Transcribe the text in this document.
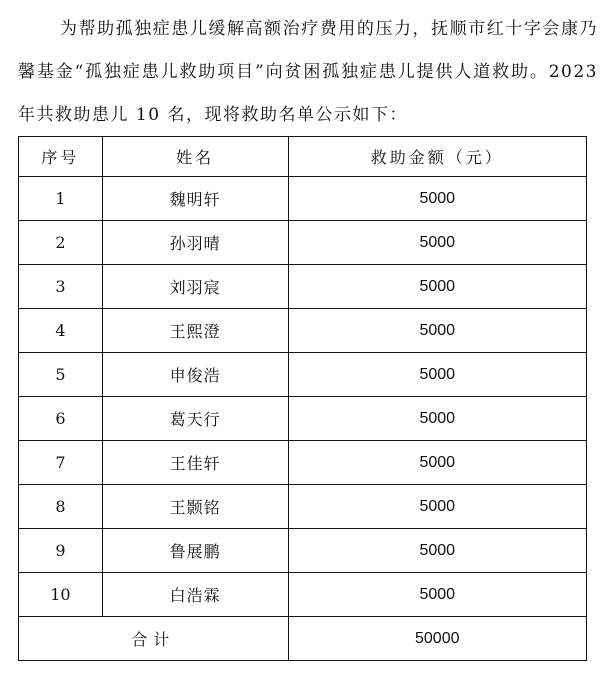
为帮助孤独症患儿缓解高额治疗费用的压力，抚顺市红十字会康乃馨基金“孤独症患儿救助项目”向贫困孤独症患儿提供人道救助。2023 年共救助患儿 10 名，现将救助名单公示如下：

序号	姓名	救助金额（元）
1	魏明轩	5000
2	孙羽晴	5000
3	刘羽宸	5000
4	王熙澄	5000
5	申俊浩	5000
6	葛天行	5000
7	王佳轩	5000
8	王颢铭	5000
9	鲁展鹏	5000
10	白浩霖	5000
合计		50000
